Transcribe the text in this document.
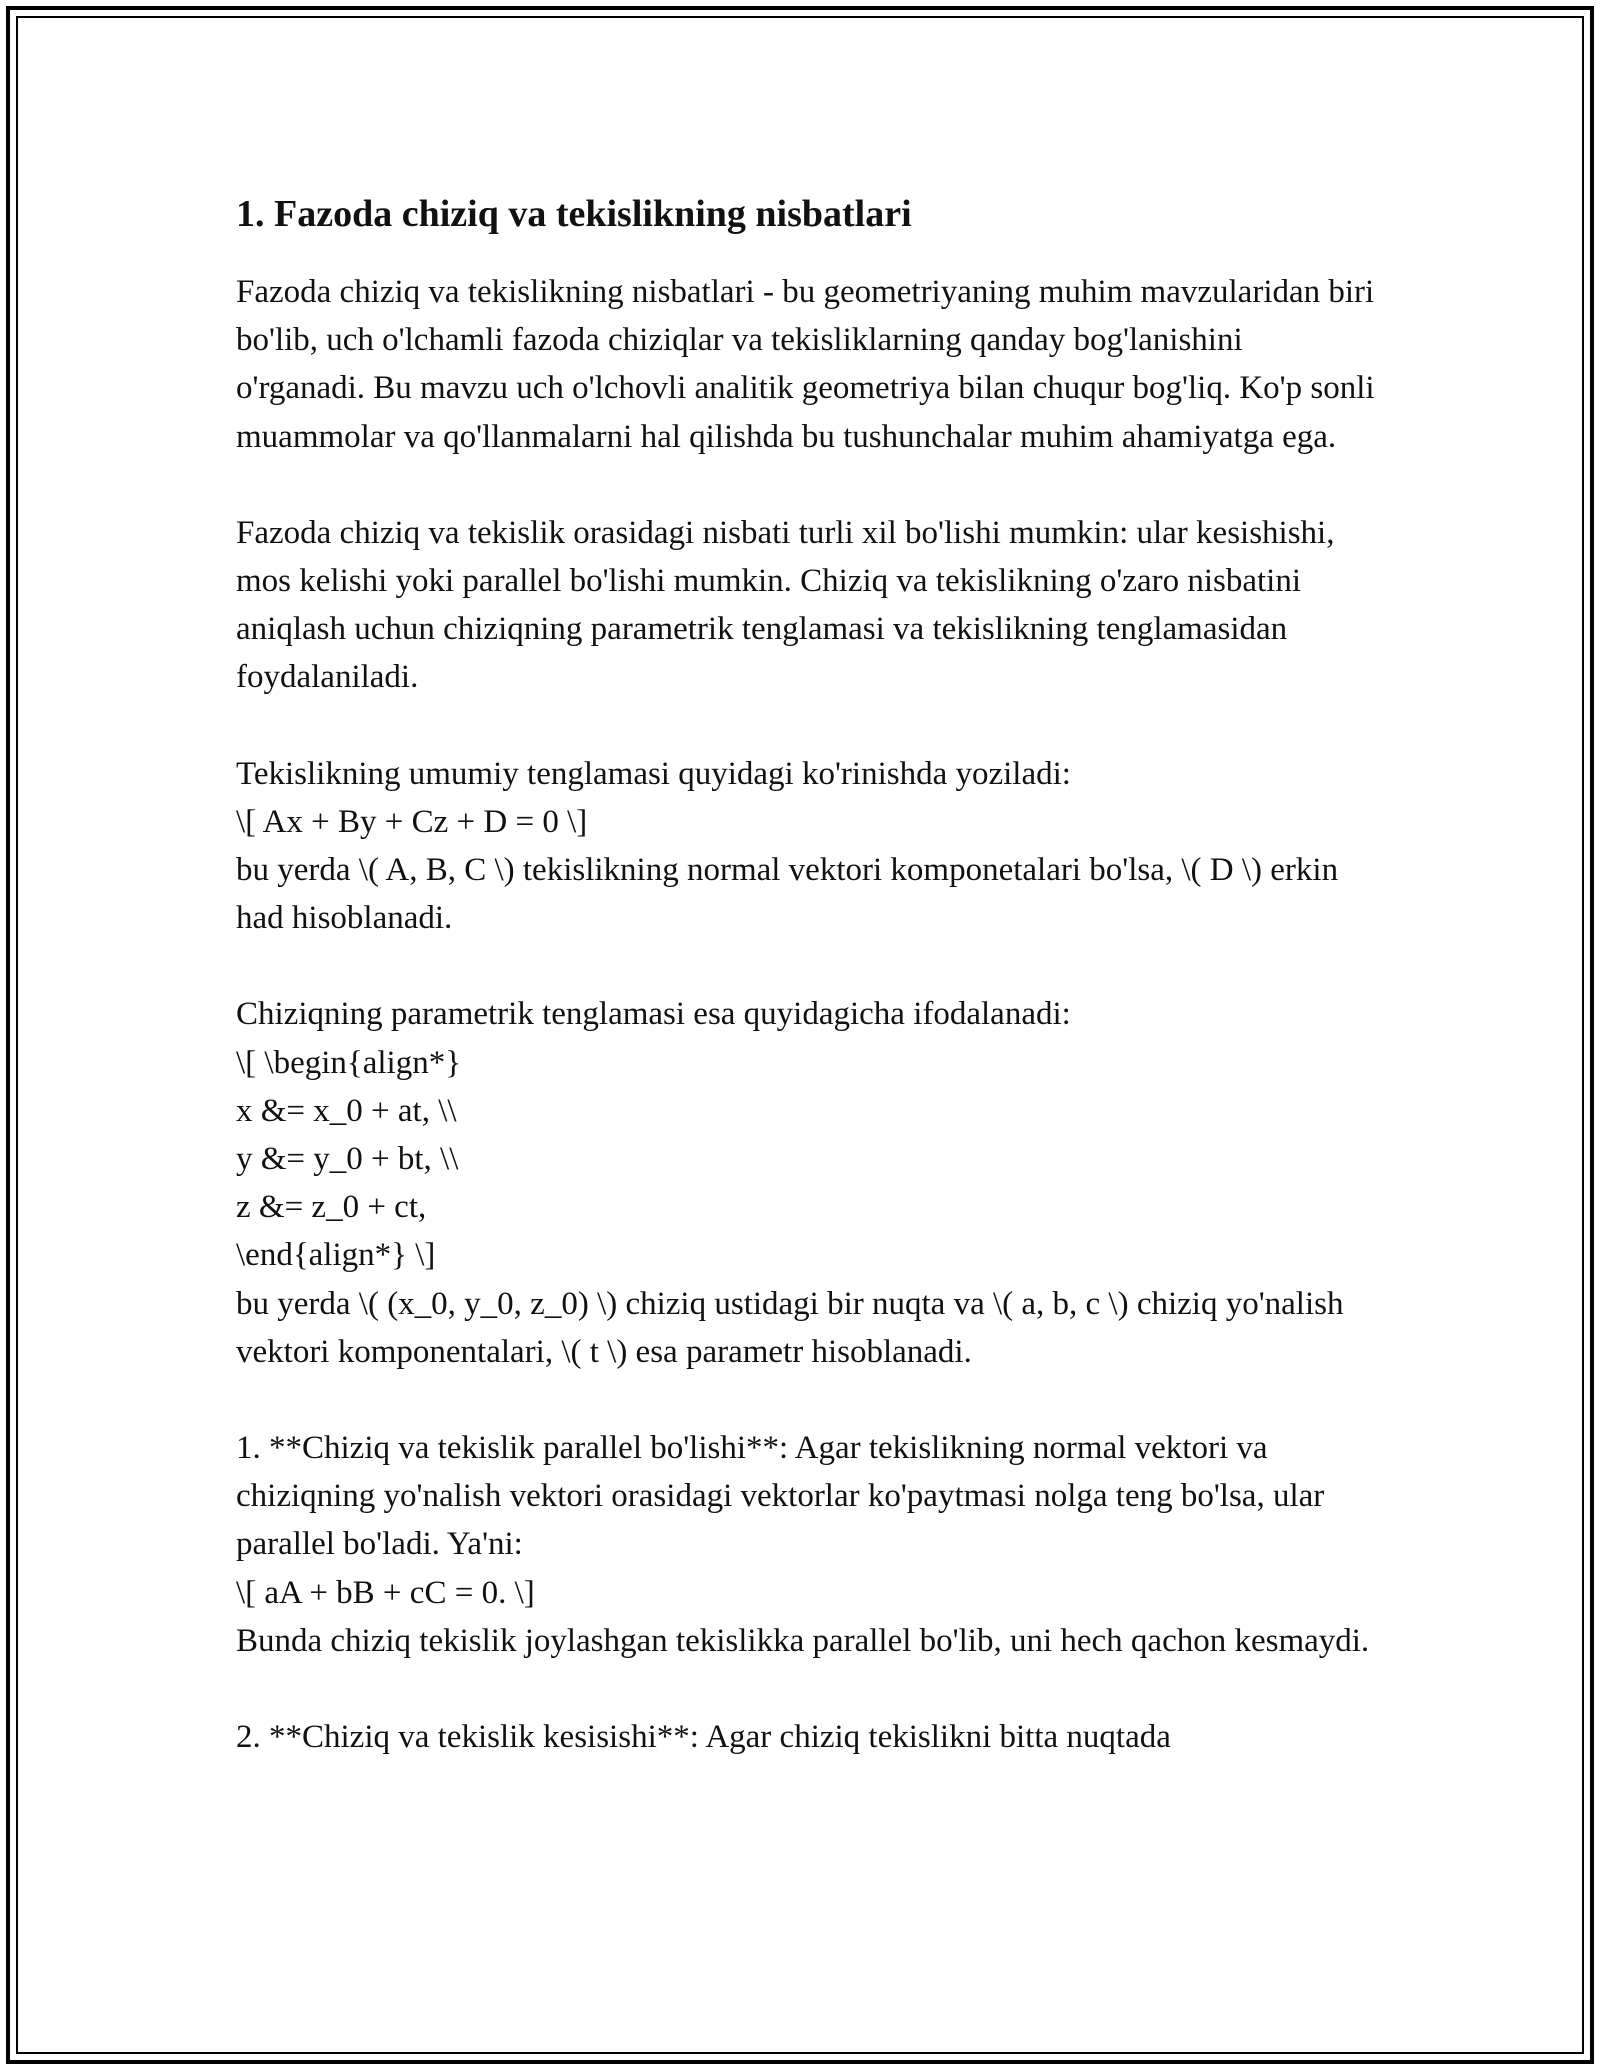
1. Fazoda chiziq va tekislikning nisbatlari

Fazoda chiziq va tekislikning nisbatlari - bu geometriyaning muhim mavzularidan biri bo'lib, uch o'lchamli fazoda chiziqlar va tekisliklarning qanday bog'lanishini o'rganadi. Bu mavzu uch o'lchovli analitik geometriya bilan chuqur bog'liq. Ko'p sonli muammolar va qo'llanmalarni hal qilishda bu tushunchalar muhim ahamiyatga ega.

Fazoda chiziq va tekislik orasidagi nisbati turli xil bo'lishi mumkin: ular kesishishi, mos kelishi yoki parallel bo'lishi mumkin. Chiziq va tekislikning o'zaro nisbatini aniqlash uchun chiziqning parametrik tenglamasi va tekislikning tenglamasidan foydalaniladi.

Tekislikning umumiy tenglamasi quyidagi ko'rinishda yoziladi:
\[ Ax + By + Cz + D = 0 \]
bu yerda \( A, B, C \) tekislikning normal vektori komponetalari bo'lsa, \( D \) erkin had hisoblanadi.

Chiziqning parametrik tenglamasi esa quyidagicha ifodalanadi:
\[ \begin{align*}
x &= x_0 + at, \\
y &= y_0 + bt, \\
z &= z_0 + ct,
\end{align*} \]
bu yerda \( (x_0, y_0, z_0) \) chiziq ustidagi bir nuqta va \( a, b, c \) chiziq yo'nalish vektori komponentalari, \( t \) esa parametr hisoblanadi.

1. **Chiziq va tekislik parallel bo'lishi**: Agar tekislikning normal vektori va chiziqning yo'nalish vektori orasidagi vektorlar ko'paytmasi nolga teng bo'lsa, ular parallel bo'ladi. Ya'ni:
\[ aA + bB + cC = 0. \]
Bunda chiziq tekislik joylashgan tekislikka parallel bo'lib, uni hech qachon kesmaydi.

2. **Chiziq va tekislik kesisishi**: Agar chiziq tekislikni bitta nuqtada
